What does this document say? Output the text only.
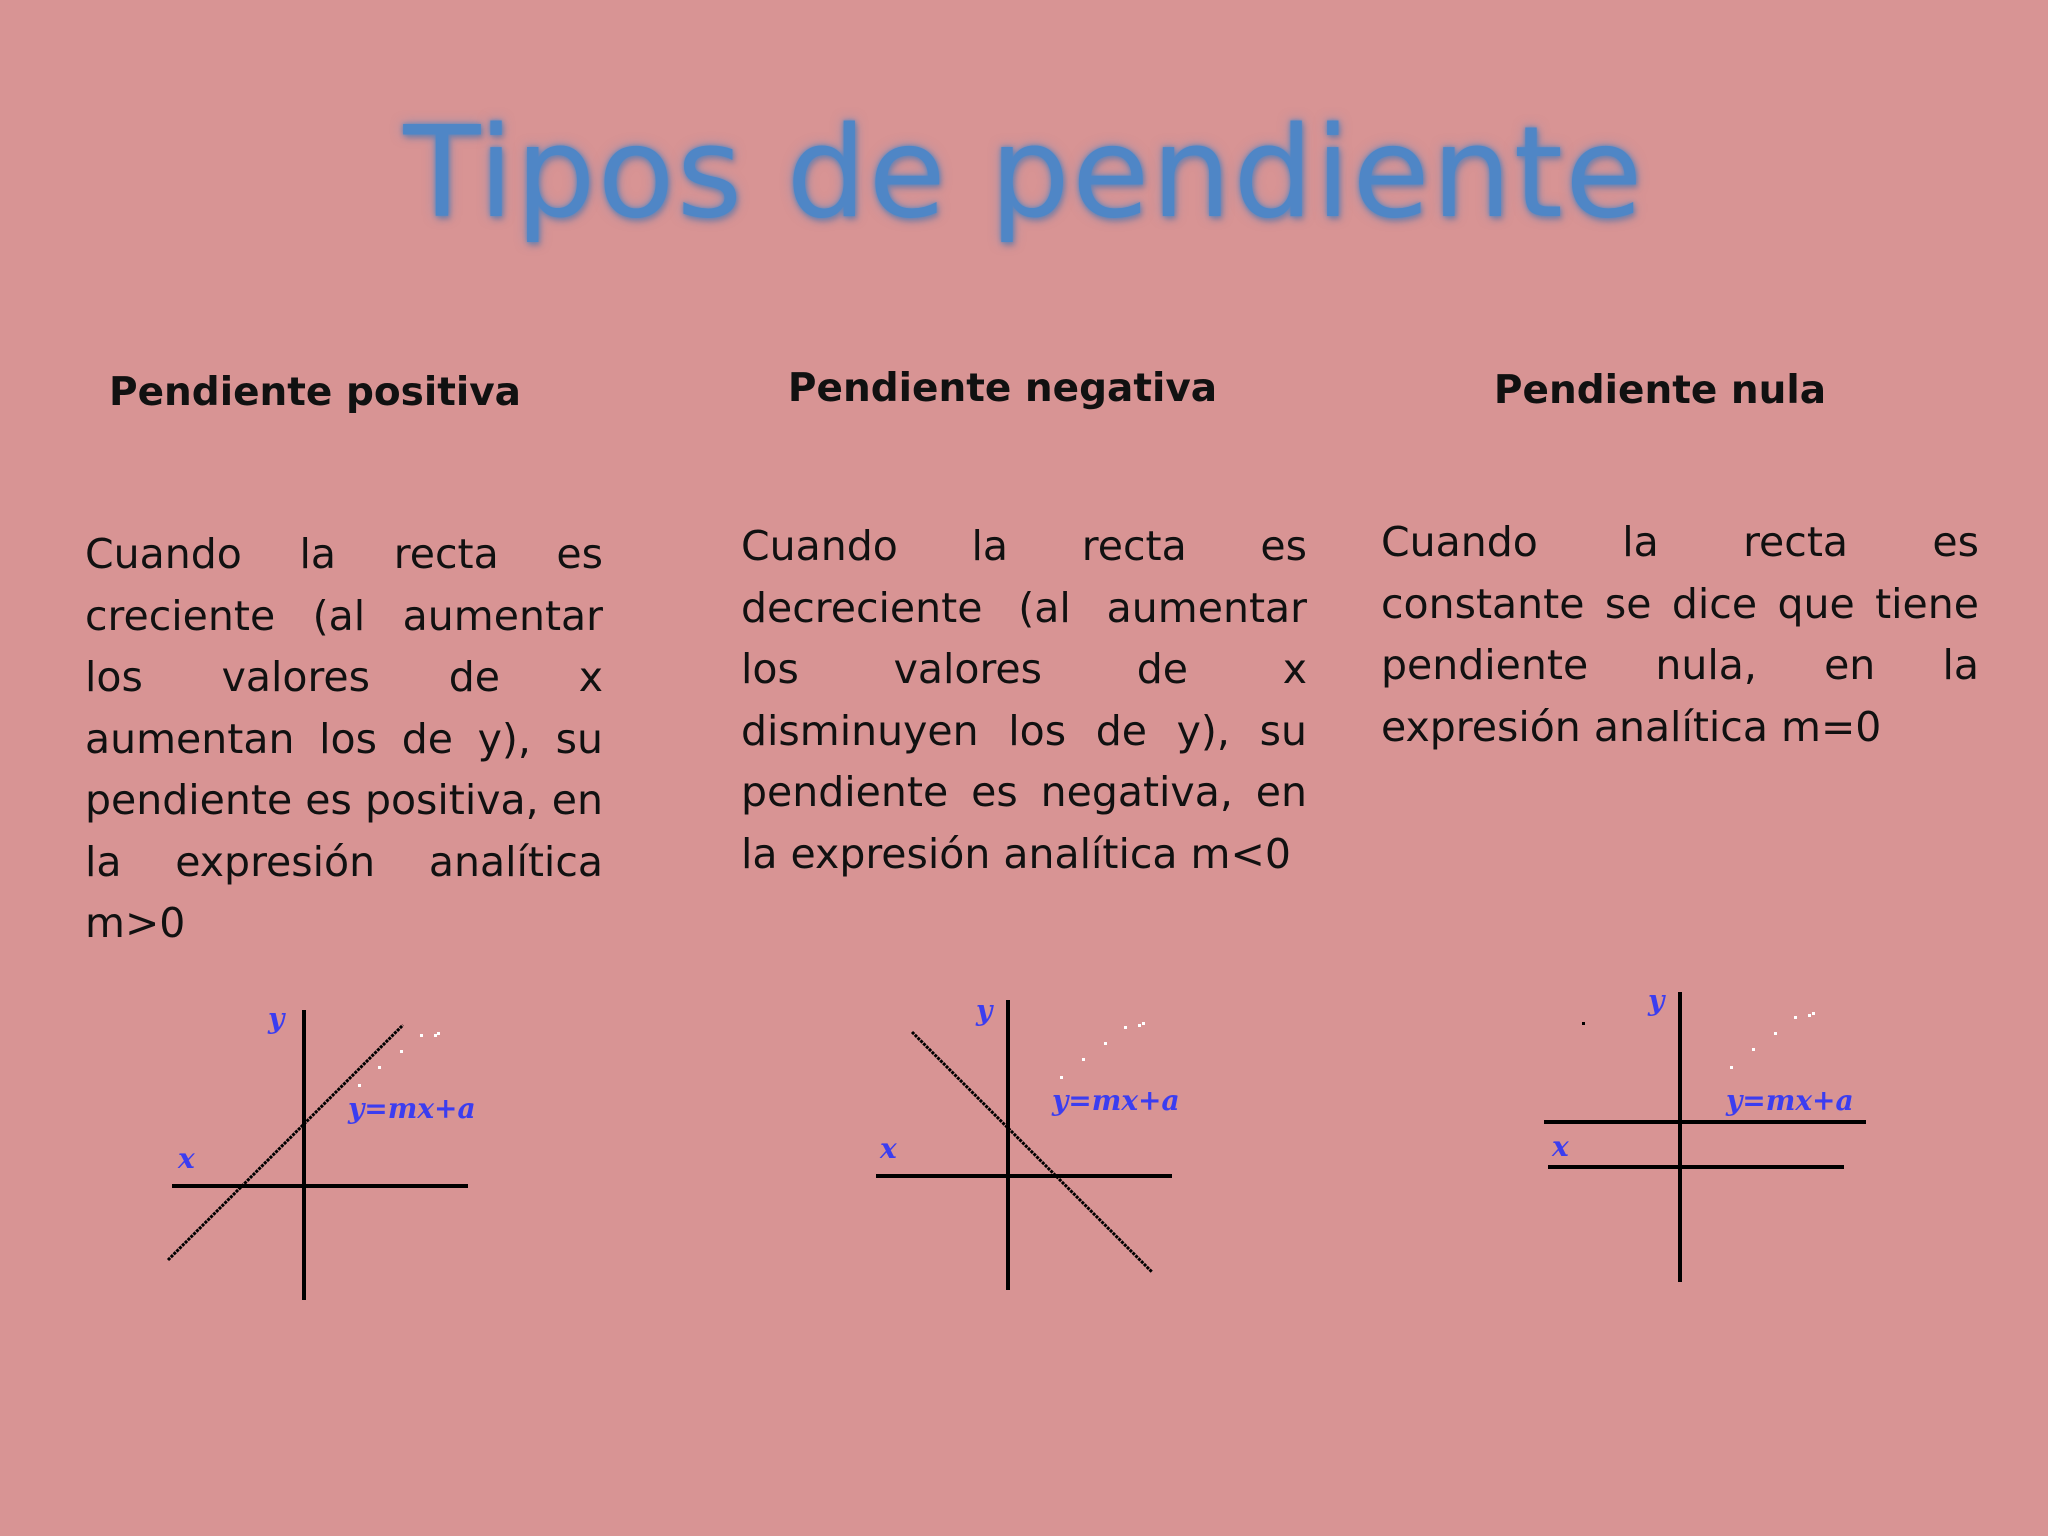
Tipos de pendiente
Pendiente positiva
Cuando la recta es creciente (al aumentar los valores de x aumentan los de y), su pendiente es positiva, en la expresión analítica m>0
Pendiente negativa
Cuando la recta es decreciente (al aumentar los valores de x disminuyen los de y), su pendiente es negativa, en la expresión analítica m<0
Pendiente nula
Cuando la recta es constante se dice que tiene pendiente nula, en la expresión analítica m=0
y
x
y=mx+a
y
x
y=mx+a
y
x
y=mx+a
